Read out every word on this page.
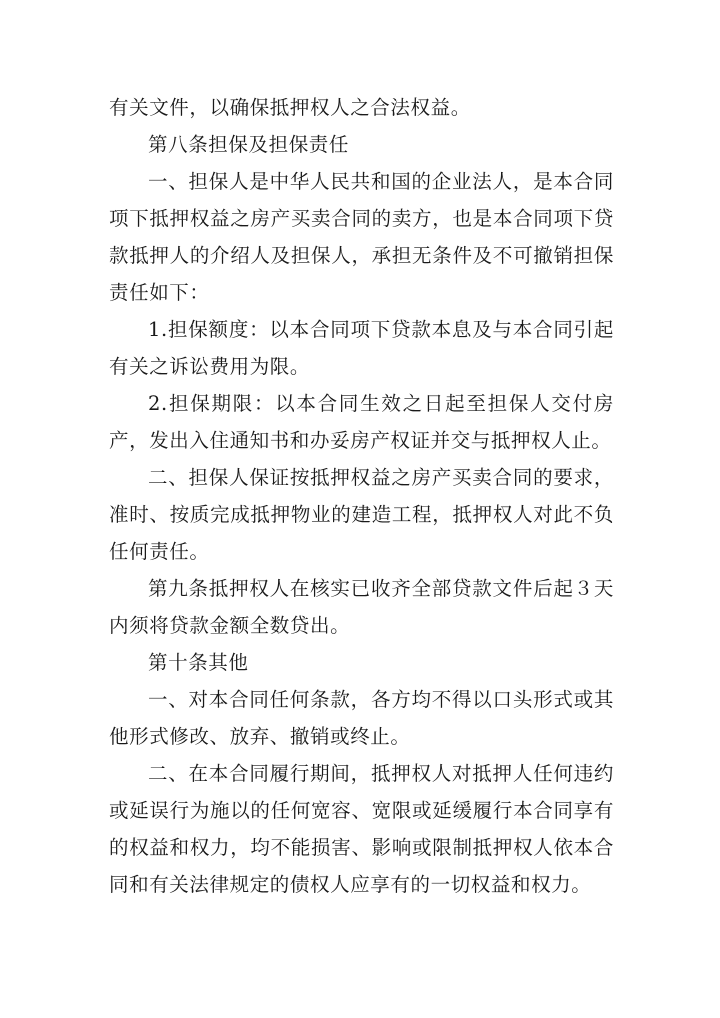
有关文件，以确保抵押权人之合法权益。

第八条担保及担保责任

一、担保人是中华人民共和国的企业法人，是本合同项下抵押权益之房产买卖合同的卖方，也是本合同项下贷款抵押人的介绍人及担保人，承担无条件及不可撤销担保责任如下：

1.担保额度：以本合同项下贷款本息及与本合同引起有关之诉讼费用为限。

2.担保期限：以本合同生效之日起至担保人交付房产，发出入住通知书和办妥房产权证并交与抵押权人止。

二、担保人保证按抵押权益之房产买卖合同的要求，准时、按质完成抵押物业的建造工程，抵押权人对此不负任何责任。

第九条抵押权人在核实已收齐全部贷款文件后起３天内须将贷款金额全数贷出。

第十条其他

一、对本合同任何条款，各方均不得以口头形式或其他形式修改、放弃、撤销或终止。

二、在本合同履行期间，抵押权人对抵押人任何违约或延误行为施以的任何宽容、宽限或延缓履行本合同享有的权益和权力，均不能损害、影响或限制抵押权人依本合同和有关法律规定的债权人应享有的一切权益和权力。
